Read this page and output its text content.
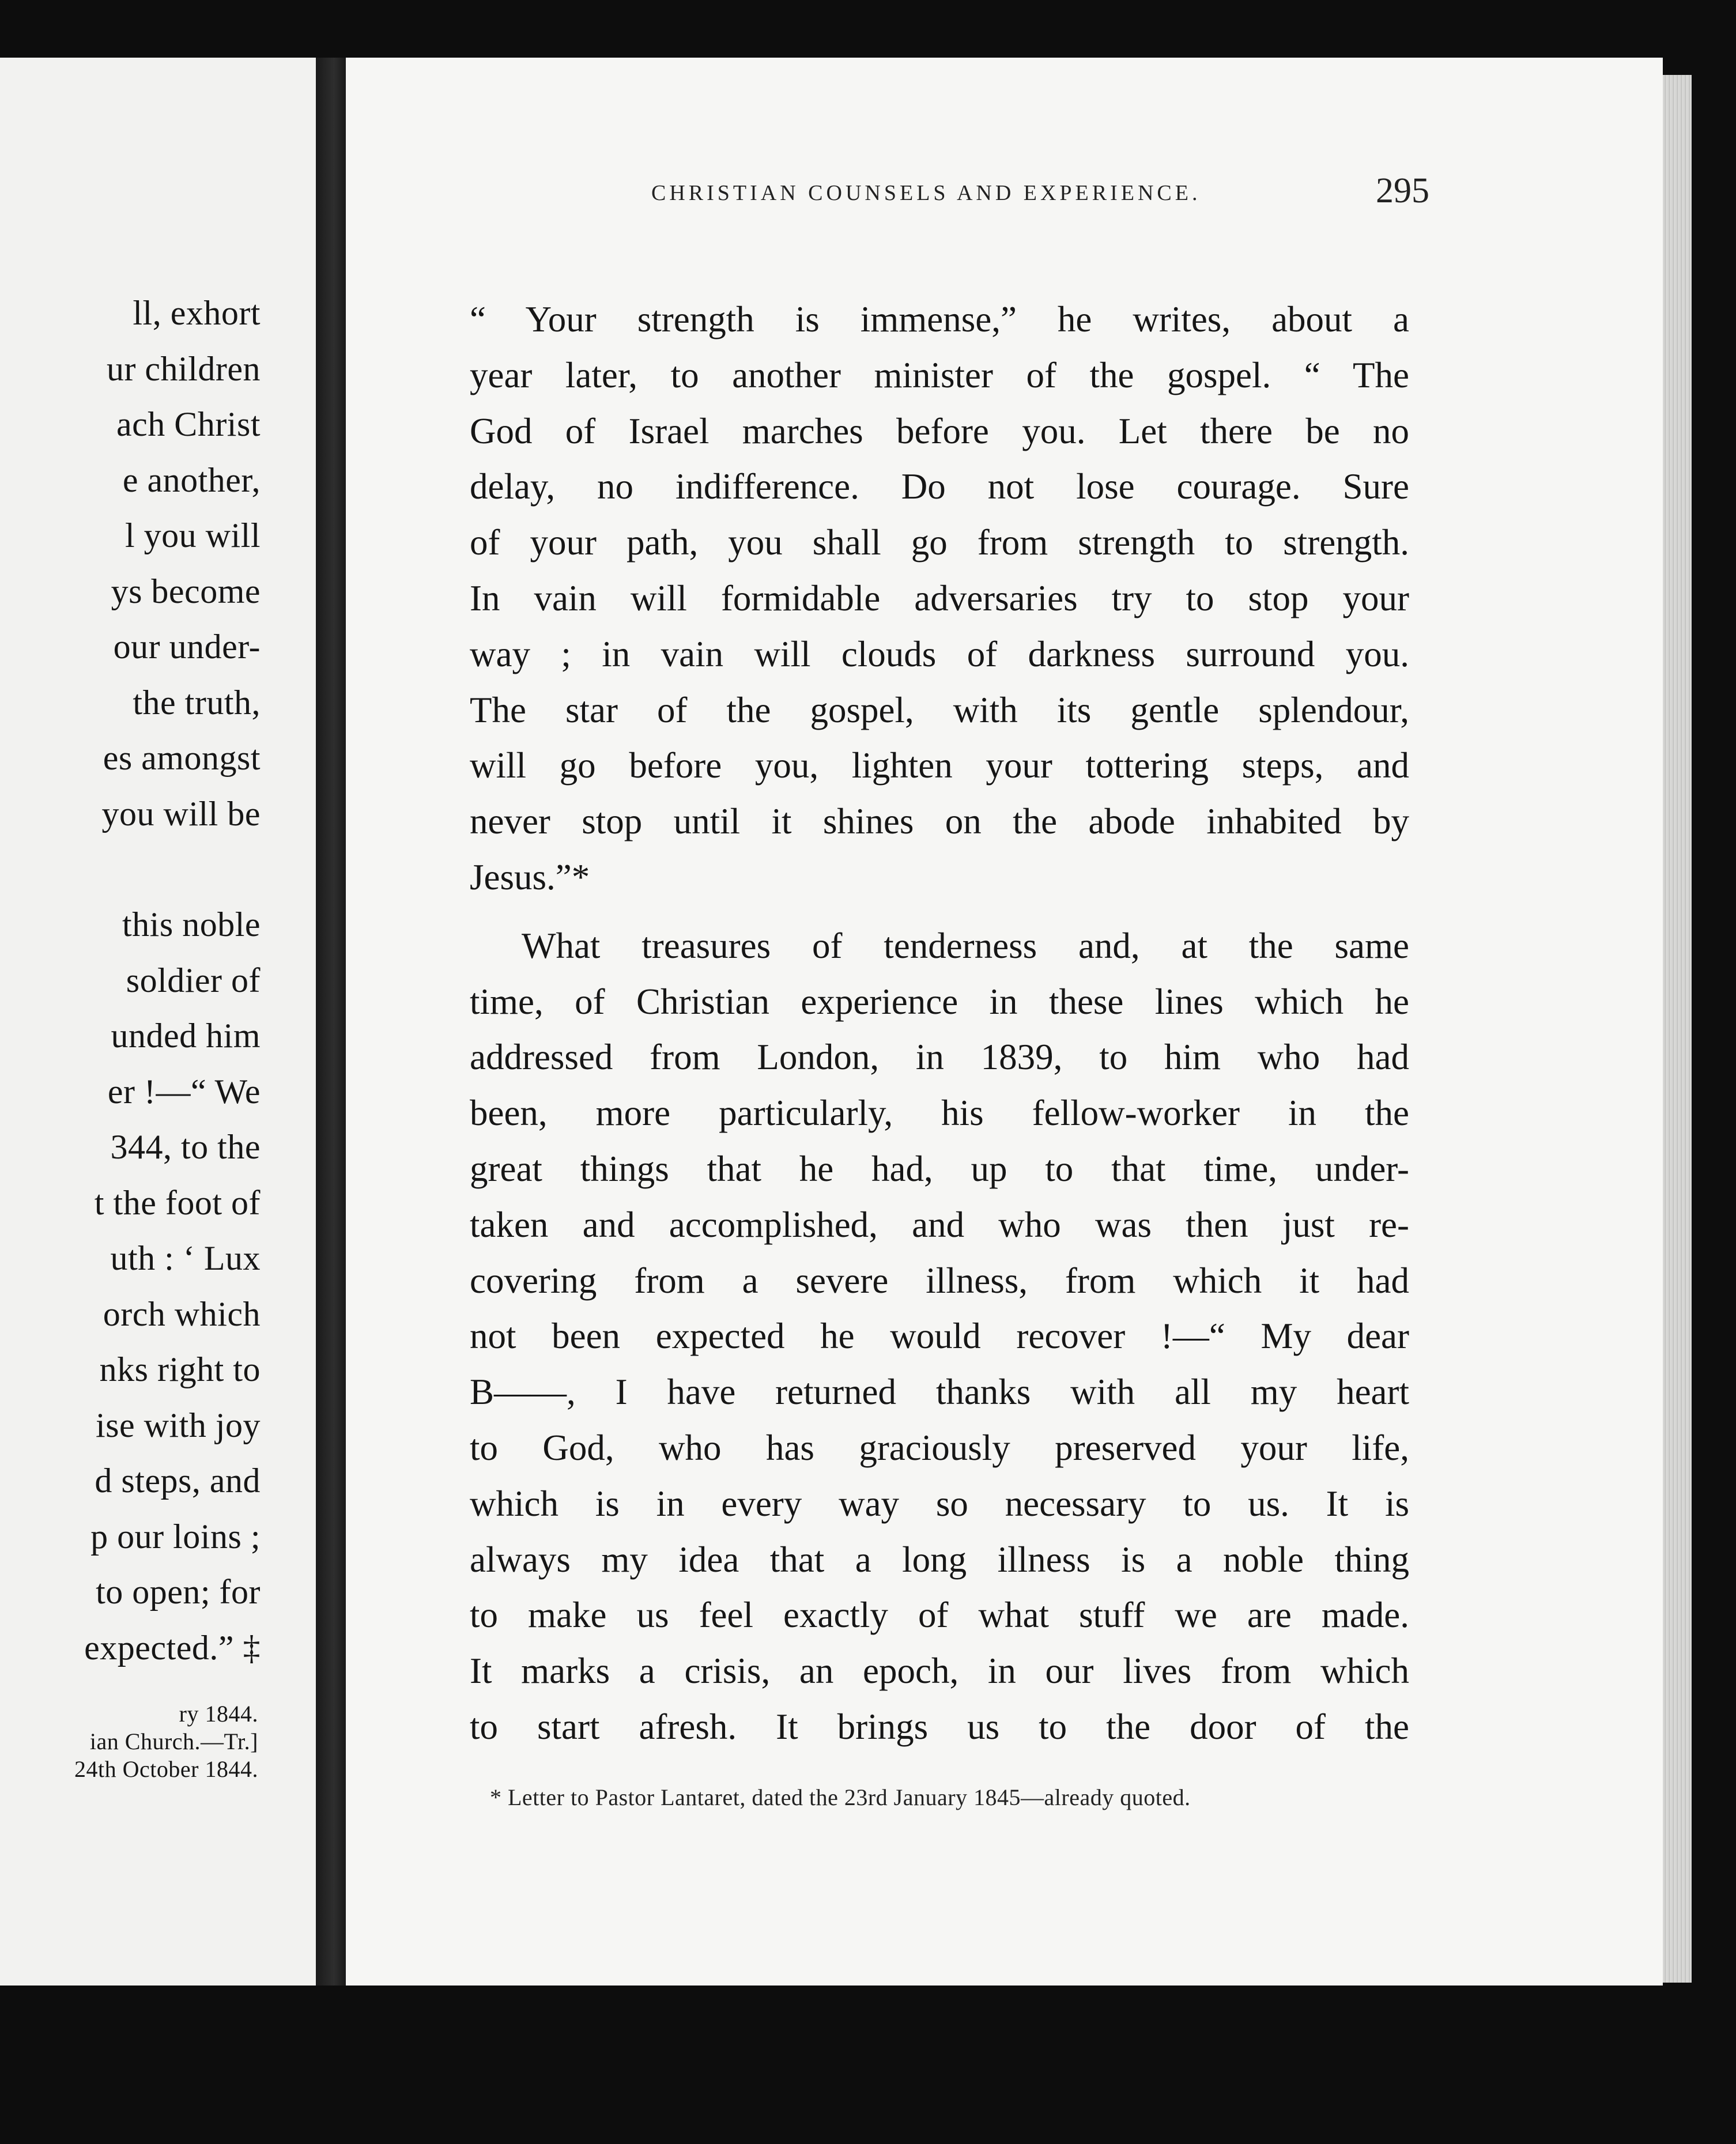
ll, exhort
ur children
ach Christ
e another,
l you will
ys become
our under-
the truth,
es amongst
you will be
this noble
soldier of
unded him
er !—“ We
344, to the
t the foot of
uth : ‘ Lux
orch which
nks right to
ise with joy
d steps, and
p our loins ;
to open; for
expected.” ‡
ry 1844.
ian Church.—Tr.]
24th October 1844.
CHRISTIAN COUNSELS AND EXPERIENCE.	295
“ Your strength is immense,” he writes, about a
year later, to another minister of the gospel. “ The
God of Israel marches before you. Let there be no
delay, no indifference. Do not lose courage. Sure
of your path, you shall go from strength to strength.
In vain will formidable adversaries try to stop your
way ; in vain will clouds of darkness surround you.
The star of the gospel, with its gentle splendour,
will go before you, lighten your tottering steps, and
never stop until it shines on the abode inhabited by
Jesus.”*
What treasures of tenderness and, at the same
time, of Christian experience in these lines which he
addressed from London, in 1839, to him who had
been, more particularly, his fellow-worker in the
great things that he had, up to that time, under-
taken and accomplished, and who was then just re-
covering from a severe illness, from which it had
not been expected he would recover !—“ My dear
B——, I have returned thanks with all my heart
to God, who has graciously preserved your life,
which is in every way so necessary to us. It is
always my idea that a long illness is a noble thing
to make us feel exactly of what stuff we are made.
It marks a crisis, an epoch, in our lives from which
to start afresh. It brings us to the door of the
* Letter to Pastor Lantaret, dated the 23rd January 1845—already quoted.
